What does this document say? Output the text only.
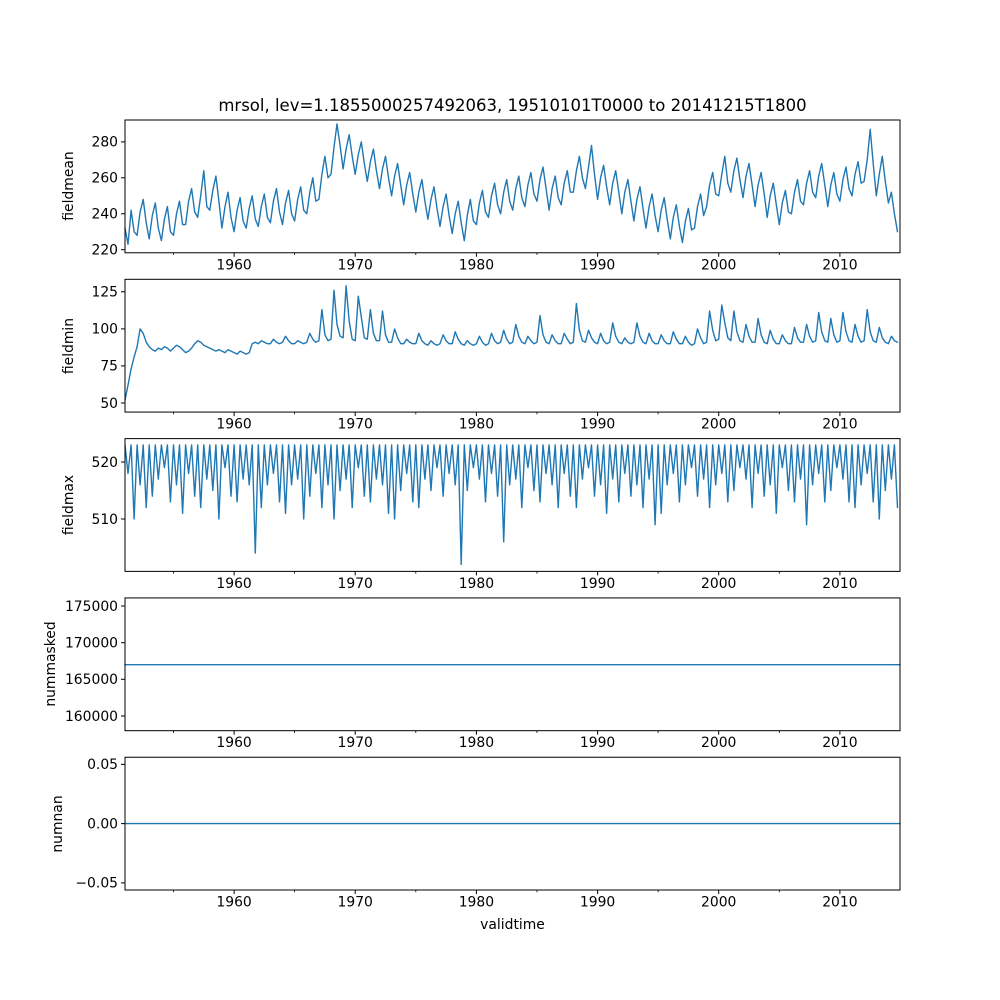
mrsol, lev=1.1855000257492063, 19510101T0000 to 20141215T1800
fieldmean
fieldmin
fieldmax
nummasked
numnan
validtime
1960	1970	1980	1990	2000	2010
220
240
260
280
1960	1970	1980	1990	2000	2010
50
75
100
125
1960	1970	1980	1990	2000	2010
510
520
1960	1970	1980	1990	2000	2010
160000
165000
170000
175000
1960	1970	1980	1990	2000	2010
−0.05
0.00
0.05
